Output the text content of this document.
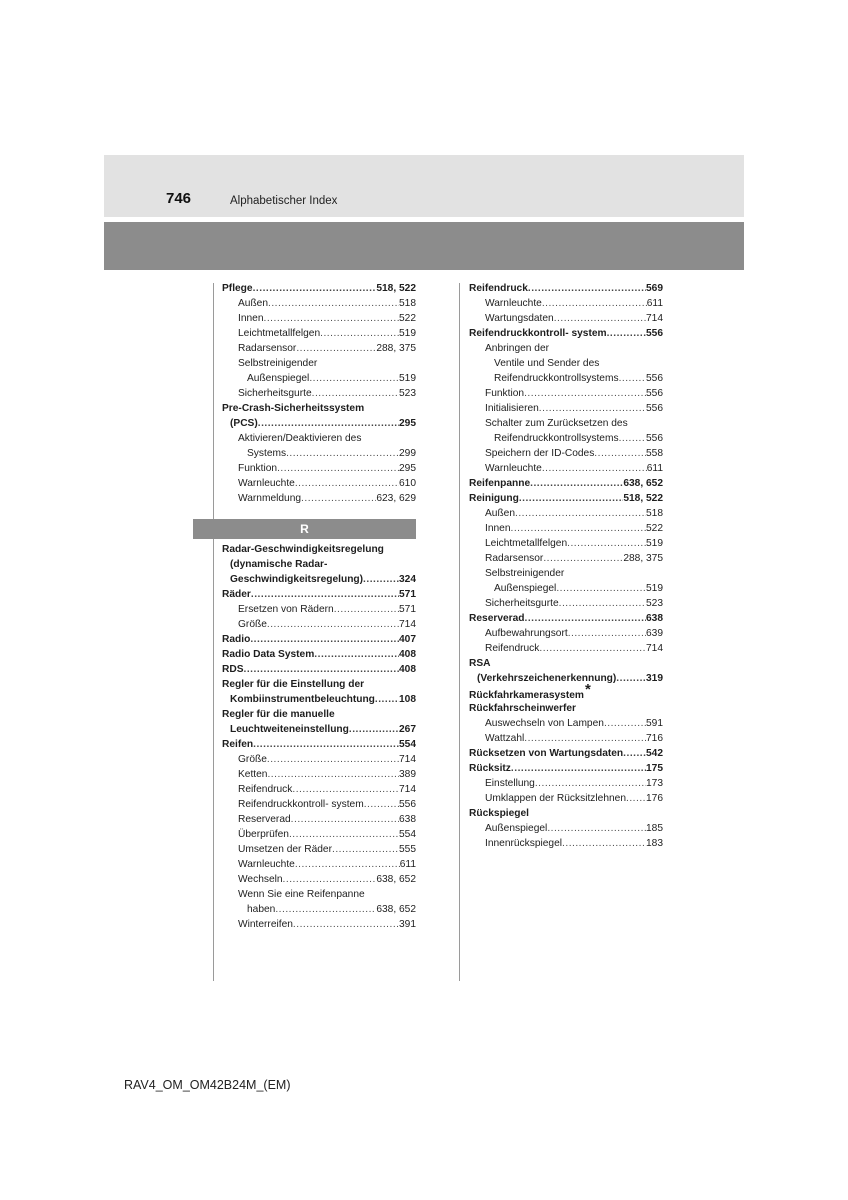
746	Alphabetischer Index
Pflege .....	518, 522
Außen .....	518
Innen .....	522
Leichtmetallfelgen .....	519
Radarsensor .....	288, 375
Selbstreinigender
Außenspiegel .....	519
Sicherheitsgurte .....	523
Pre-Crash-Sicherheitssystem
(PCS) .....	295
Aktivieren/Deaktivieren des
Systems .....	299
Funktion .....	295
Warnleuchte .....	610
Warnmeldung .....	623, 629
R
Radar-Geschwindigkeitsregelung
(dynamische Radar-
Geschwindigkeitsregelung) .....	324
Räder .....	571
Ersetzen von Rädern .....	571
Größe .....	714
Radio .....	407
Radio Data System .....	408
RDS .....	408
Regler für die Einstellung der
Kombiinstrumentbeleuchtung ..... 108
Regler für die manuelle
Leuchtweiteneinstellung .....	267
Reifen .....	554
Größe .....	714
Ketten .....	389
Reifendruck .....	714
Reifendruckkontroll- system .....	556
Reserverad .....	638
Überprüfen .....	554
Umsetzen der Räder .....	555
Warnleuchte .....	611
Wechseln .....	638, 652
Wenn Sie eine Reifenpanne
haben .....	638, 652
Winterreifen .....	391
Reifendruck .....	569
Warnleuchte .....	611
Wartungsdaten .....	714
Reifendruckkontroll- system .....	556
Anbringen der
Ventile und Sender des
Reifendruckkontrollsystems .....	556
Funktion .....	556
Initialisieren .....	556
Schalter zum Zurücksetzen des
Reifendruckkontrollsystems .....	556
Speichern der ID-Codes .....	558
Warnleuchte .....	611
Reifenpanne .....	638, 652
Reinigung .....	518, 522
Außen .....	518
Innen .....	522
Leichtmetallfelgen .....	519
Radarsensor .....	288, 375
Selbstreinigender
Außenspiegel .....	519
Sicherheitsgurte .....	523
Reserverad .....	638
Aufbewahrungsort .....	639
Reifendruck .....	714
RSA
(Verkehrszeichenerkennung) .....	319
Rückfahrkamerasystem *
Rückfahrscheinwerfer
Auswechseln von Lampen .....	591
Wattzahl .....	716
Rücksetzen von Wartungsdaten ..... 542
Rücksitz .....	175
Einstellung .....	173
Umklappen der Rücksitzlehnen ..... 176
Rückspiegel
Außenspiegel .....	185
Innenrückspiegel .....	183
RAV4_OM_OM42B24M_(EM)
